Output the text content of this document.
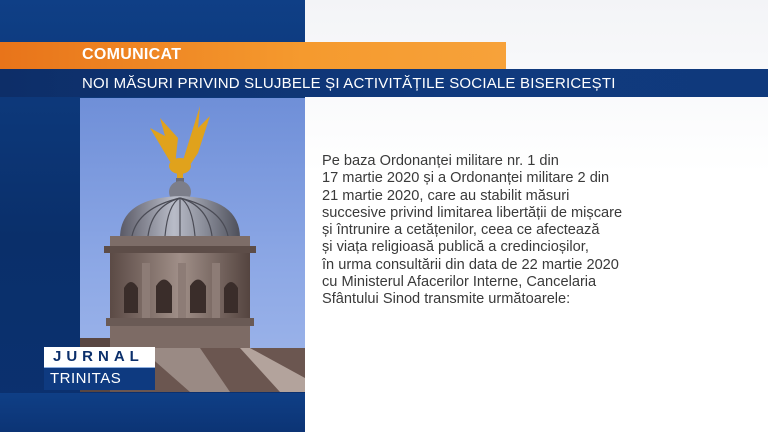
COMUNICAT
NOI MĂSURI PRIVIND SLUJBELE ȘI ACTIVITĂȚILE SOCIALE BISERICEȘTI
Pe baza Ordonanței militare nr. 1 din
17 martie 2020 și a Ordonanței militare 2 din
21 martie 2020, care au stabilit măsuri
succesive privind limitarea libertății de mișcare
și întrunire a cetățenilor, ceea ce afectează
și viața religioasă publică a credincioșilor,
în urma consultării din data de 22 martie 2020
cu Ministerul Afacerilor Interne, Cancelaria
Sfântului Sinod transmite următoarele:
JURNAL
TRINITAS
